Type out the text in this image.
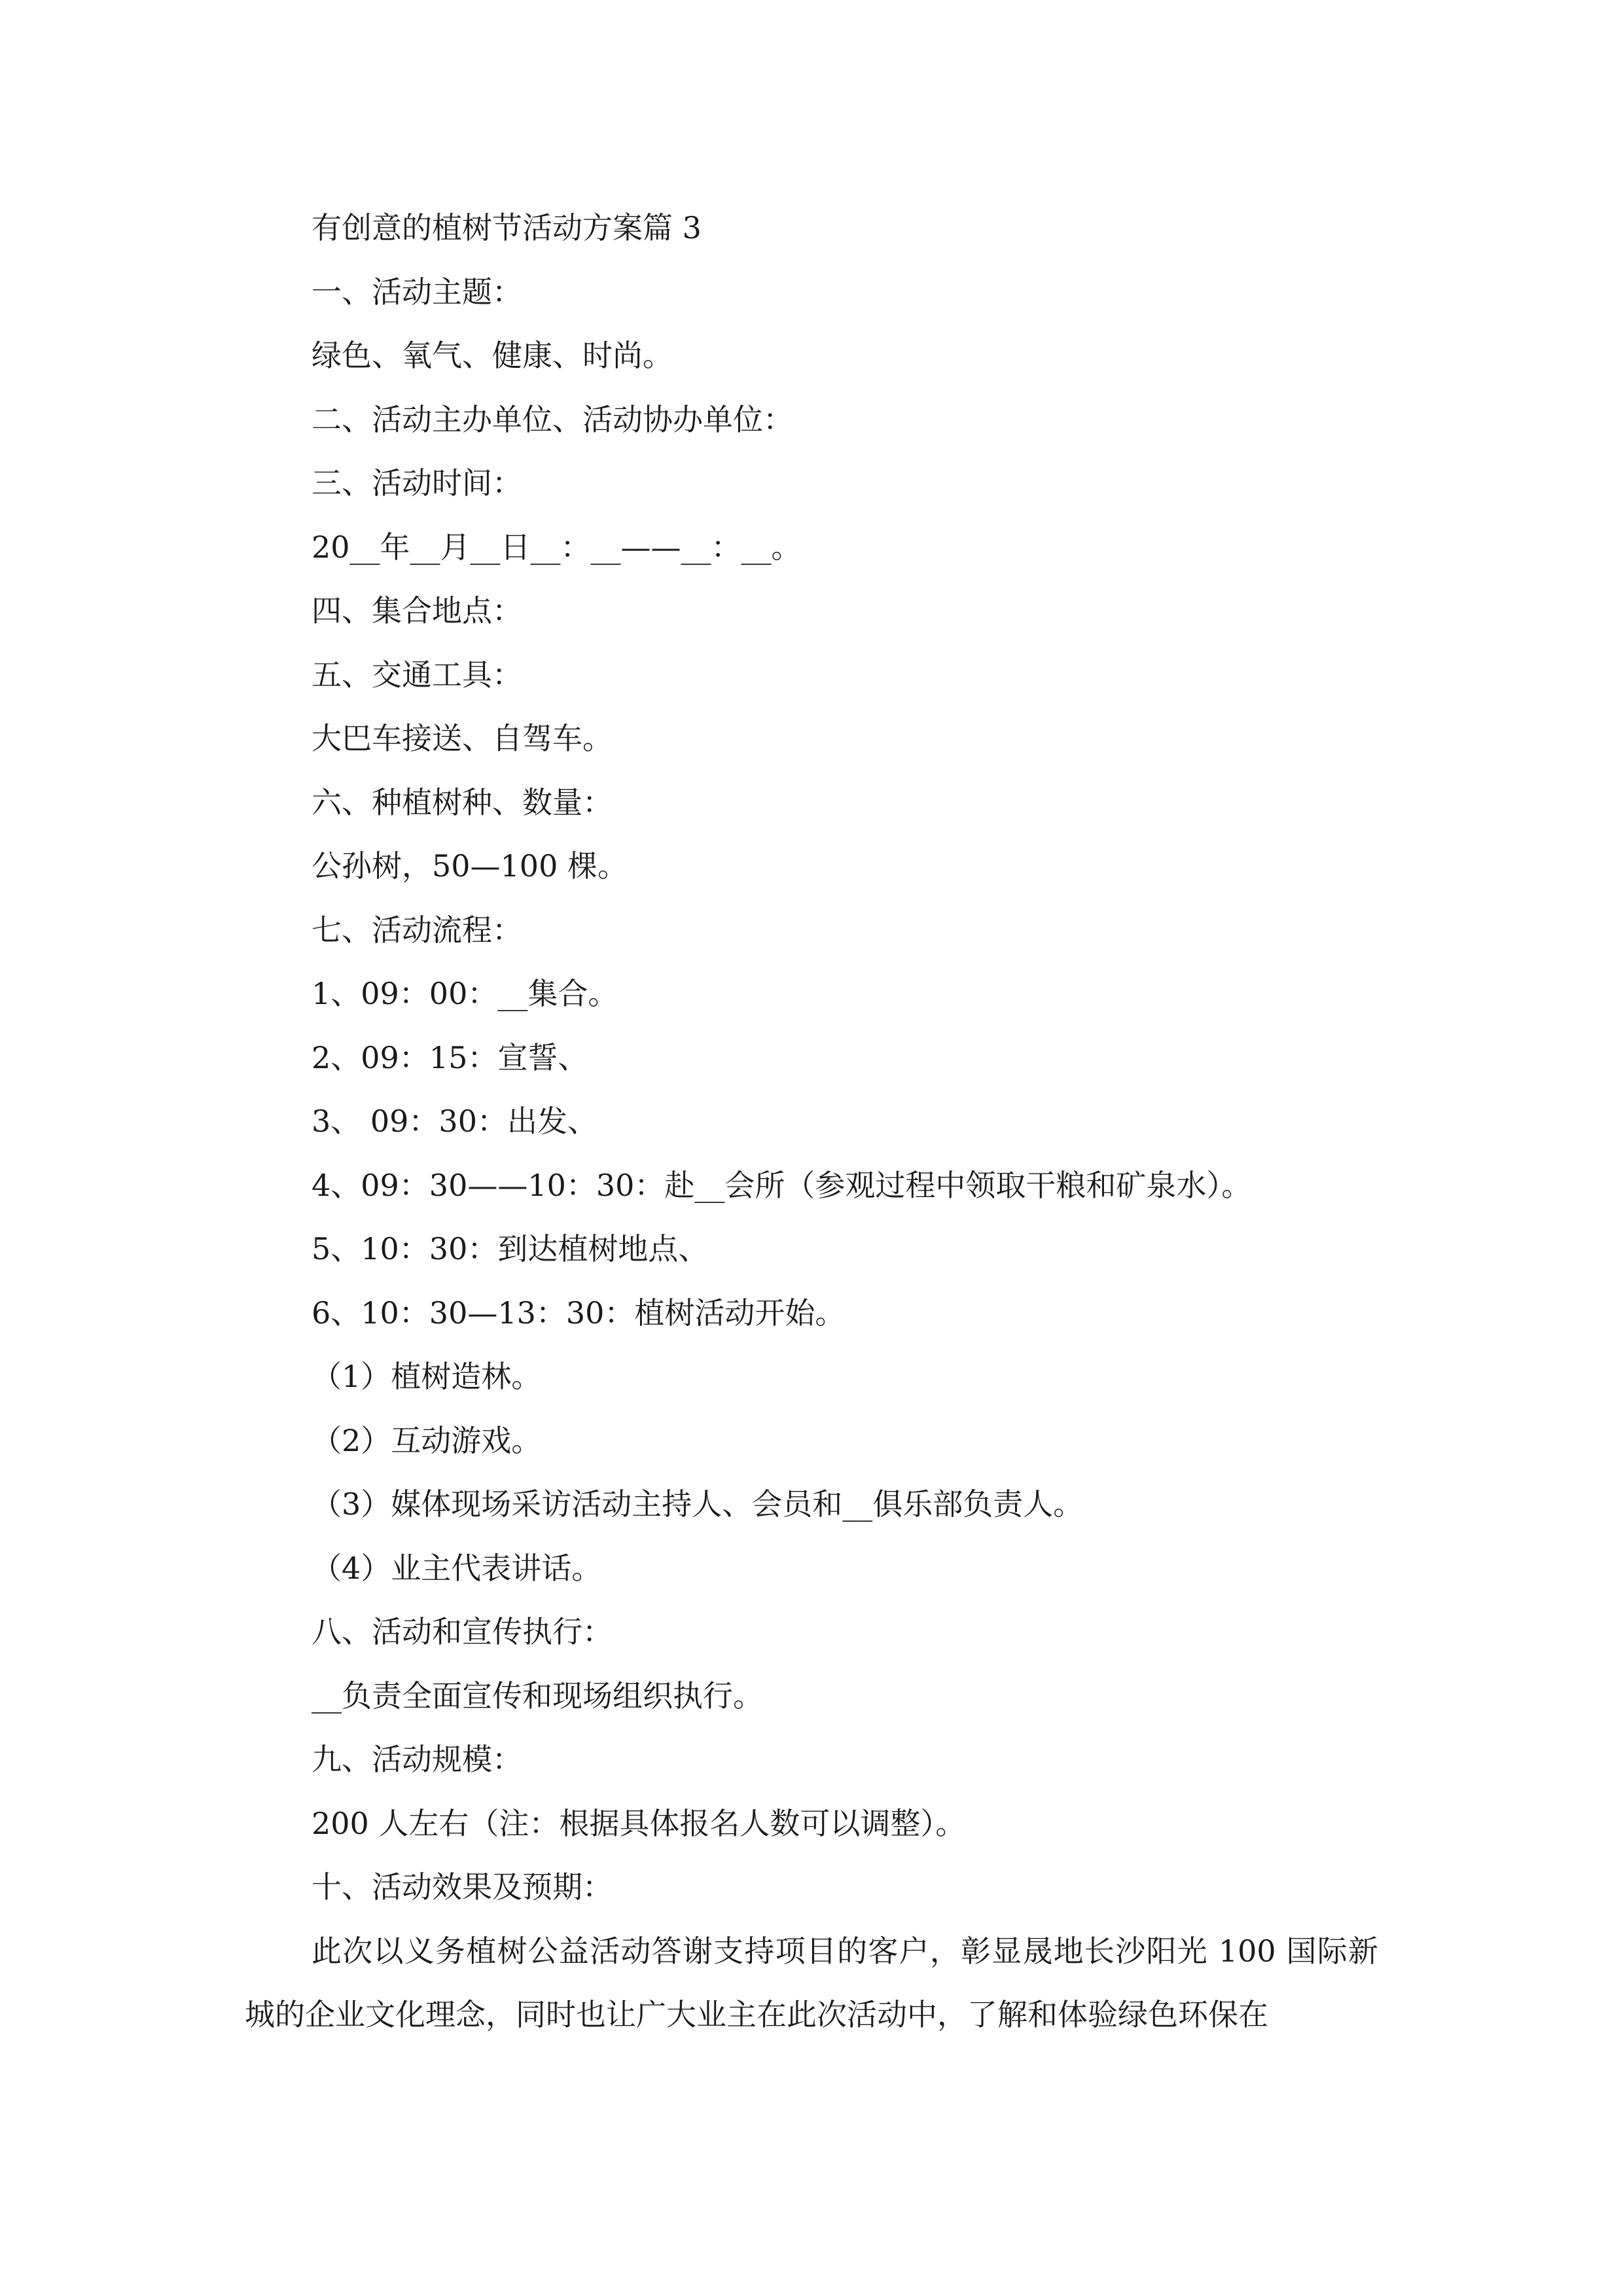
有创意的植树节活动方案篇 3
一、活动主题：
绿色、氧气、健康、时尚。
二、活动主办单位、活动协办单位：
三、活动时间：
20__年__月__日__：__——__：__。
四、集合地点：
五、交通工具：
大巴车接送、自驾车。
六、种植树种、数量：
公孙树，50—100 棵。
七、活动流程：
1、09：00：__集合。
2、09：15：宣誓、
3、 09：30：出发、
4、09：30——10：30：赴__会所（参观过程中领取干粮和矿泉水）。
5、10：30：到达植树地点、
6、10：30—13：30：植树活动开始。
（1）植树造林。
（2）互动游戏。
（3）媒体现场采访活动主持人、会员和__俱乐部负责人。
（4）业主代表讲话。
八、活动和宣传执行：
__负责全面宣传和现场组织执行。
九、活动规模：
200 人左右（注：根据具体报名人数可以调整）。
十、活动效果及预期：

此次以义务植树公益活动答谢支持项目的客户，彰显晟地长沙阳光 100 国际新城的企业文化理念，同时也让广大业主在此次活动中，了解和体验绿色环保在
